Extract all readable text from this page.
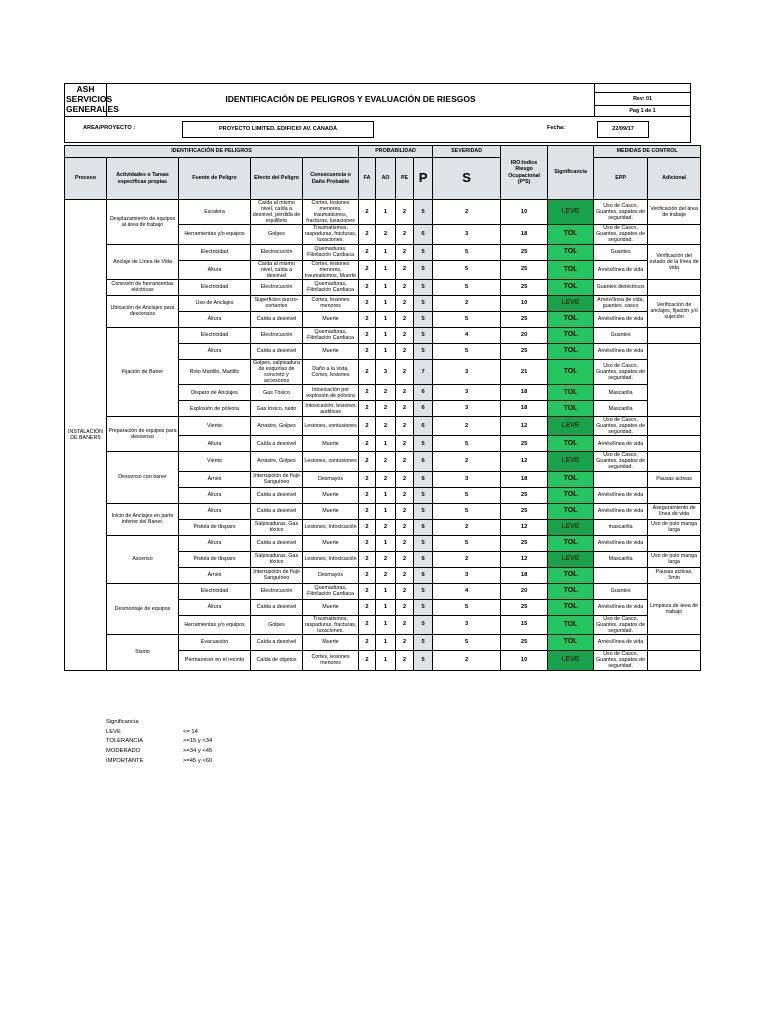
ASH
SERVICIOS
GENERALES
	IDENTIFICACIÓN DE PELIGROS Y EVALUACIÓN DE RIESGOS	
Rev: 01
Pag 1 de 1

AREA/PROYECTO :	PROYECTO LIMITED. EDIFICIO AV. CANADÁ	Fecha:	22/09/17
IDENTIFICACIÓN DE PELIGROS					PROBABILIDAD				SEVERIDAD	IRO:Indice Riesgo Ocupacional (P*S)	Significancia	MEDIDAS DE CONTROL	
Proceso	Actividades o Tareas específicas propias	Fuente de Peligro	Efecto del Peligro	Consecuencia o Daño Probable	FA	AO	PE	P	S			EPP	Adicional
INSTALACIÓN DE BANERS	Desplazamiento de equipos al área de trabajo	Escalera	Caída al mismo nivel, caída a desnivel, pérdida de equilibrio	Cortes, lesiones menores, traumatismos, fracturas, luxaciones	2	1	2	5	2	10	LEVE	Uso de Casco, Guantes, zapatos de seguridad.	Verificación del área de trabajo
		Herramientas y/o equipos	Golpes	Traumatismos, raspaduras, fracturas, luxaciones.	2	2	2	6	3	18	TOL	Uso de Casco, Guantes, zapatos de seguridad.	
	Anclaje de Línea de Vida	Electricidad	Electrocución	Quemaduras, Fibrilación Cardiaca	2	1	2	5	5	25	TOL	Guantes	Verificación del estado de la línea de vida
		Altura	Caída al mismo nivel, caída a desnivel	Cortes, lesiones menores, traumatismos, Muerte	2	1	2	5	5	25	TOL	Arnés/línea de vida	
	Conexión de herramientas eléctricas	Electricidad	Electrocución	Quemaduras, Fibrilación Cardiaca	2	1	2	5	5	25	TOL	Guantes dieléctricos	
	Ubicación de Anclajes para descensos	Uso de Anclajes	Superficies punzo-cortantes	Cortes, lesiones menores	2	1	2	5	2	10	LEVE	Arnés/línea de vida, guantes, casco	Verificación de anclajes, fijación y/o sujeción
		Altura	Caída a desnivel	Muerte	2	1	2	5	5	25	TOL	Arnés/línea de vida	
	Fijación de Baner	Electricidad	Electrocución	Quemaduras, Fibrilación Cardiaca	2	1	2	5	4	20	TOL	Guantes	
		Altura	Caída a desnivel	Muerte	2	1	2	5	5	25	TOL	Arnés/línea de vida	
		Roto Martillo, Martillo	Golpes, salpicadura de esquirlas de concreto y accesorios	Daño a la vista, Cortes, lesiones	2	3	2	7	3	21	TOL	Uso de Casco, Guantes, zapatos de seguridad.	
		Disparo de Anclajes	Gas Tóxico	Intoxicación por explosión de pólvora	2	2	2	6	3	18	TOL	Mascarilla	
		Explosión de pólvora	Gas tóxico, ruido	Intoxicación, lesiones auditivas	2	2	2	6	3	18	TOL	Mascarilla	
	Preparación de equipos para descenso	Viento	Arrastre, Golpes	Lesiones, contusiones	2	2	2	6	2	12	LEVE	Uso de Casco, Guantes, zapatos de seguridad.	
		Altura	Caída a desnivel	Muerte	2	1	2	5	5	25	TOL	Arnés/línea de vida	
	Descenso con baner	Viento	Arrastre, Golpes	Lesiones, contusiones	2	2	2	6	2	12	LEVE	Uso de Casco, Guantes, zapatos de seguridad.	
		Arnés	Interrupción de flujo Sanguíneo	Desmayos	2	2	2	6	3	18	TOL		Pausas activas
		Altura	Caída a desnivel	Muerte	2	1	2	5	5	25	TOL	Arnés/línea de vida	
	Inicio de Anclajes en parte inferior del Baner.	Altura	Caída a desnivel	Muerte	2	1	2	5	5	25	TOL	Arnés/línea de vida	Aseguramiento de línea de vida
		Pistola de disparo	Salpicaduras, Gas tóxico	Lesiones, Intoxicación	2	2	2	6	2	12	LEVE	mascarilla	Uso de polo manga larga
	Ascenso	Altura	Caída a desnivel	Muerte	2	1	2	5	5	25	TOL	Arnés/línea de vida	
		Pistola de disparo	Salpicaduras, Gas tóxico	Lesiones, Intoxicación	2	2	2	6	2	12	LEVE	Mascarilla	Uso de polo manga larga
		Arnés	Interrupción de flujo Sanguíneo	Desmayos	2	2	2	6	3	18	TOL		Pausas activas, 5min
	Desmontaje de equipos	Electricidad	Electrocución	Quemaduras, Fibrilación Cardiaca	2	1	2	5	4	20	TOL	Guantes	Limpieza de área de trabajo
		Altura	Caída a desnivel	Muerte	2	1	2	5	5	25	TOL	Arnés/línea de vida	
		Herramientas y/o equipos	Golpes	Traumatismos, raspaduras, fracturas, luxaciones.	2	1	2	5	3	15	TOL	Uso de Casco, Guantes, zapatos de seguridad.	
	Sismo	Evacuación	Caída a desnivel	Muerte	2	1	2	5	5	25	TOL	Arnés/línea de vida	
		Permanecer en el recinto	Caída de objetos	Cortes, lesiones menores	2	1	2	5	2	10	LEVE	Uso de Casco, Guantes, zapatos de seguridad.	
Significancia
LEVE	<= 14
TOLERANCIA	>=15 y <34
MODERADO	>=34 y <45
IMPORTANTE	>=45 y <60
